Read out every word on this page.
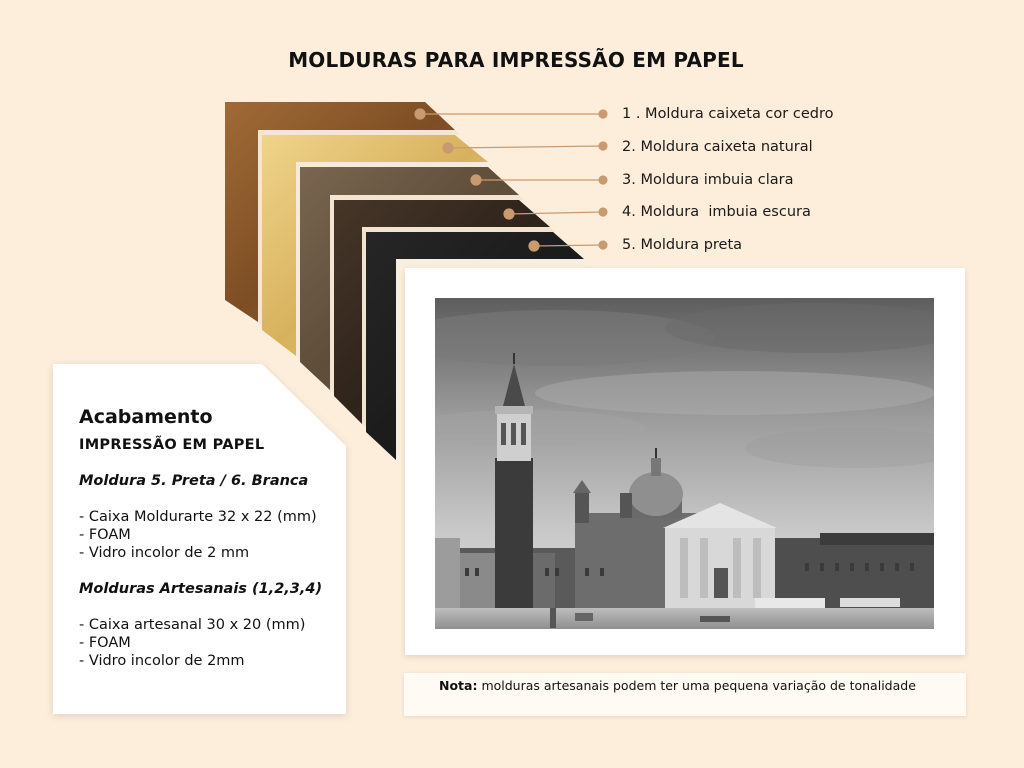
MOLDURAS PARA IMPRESSÃO EM PAPEL
1 . Moldura caixeta cor cedro
2. Moldura caixeta natural
3. Moldura imbuia clara
4. Moldura  imbuia escura
5. Moldura preta
Nota: molduras artesanais podem ter uma pequena variação de tonalidade
Acabamento
IMPRESSÃO EM PAPEL
Moldura 5. Preta / 6. Branca
- Caixa Moldurarte 32 x 22 (mm)
- FOAM
- Vidro incolor de 2 mm
Molduras Artesanais (1,2,3,4)
- Caixa artesanal 30 x 20 (mm)
- FOAM
- Vidro incolor de 2mm
